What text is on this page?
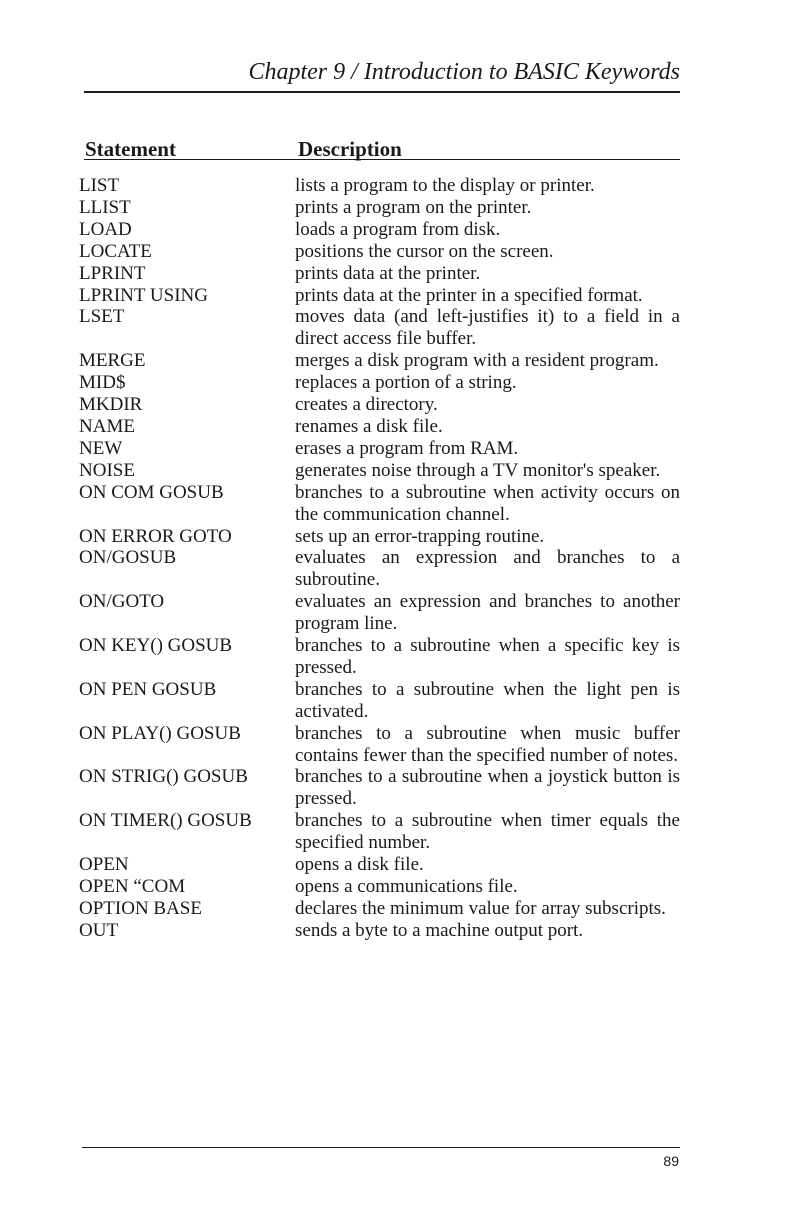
Chapter 9 / Introduction to BASIC Keywords
Statement	Description
LIST	lists a program to the display or printer.
LLIST	prints a program on the printer.
LOAD	loads a program from disk.
LOCATE	positions the cursor on the screen.
LPRINT	prints data at the printer.
LPRINT USING	prints data at the printer in a specified format.
LSET	moves data (and left-justifies it) to a field in a direct access file buffer.
MERGE	merges a disk program with a resident program.
MID$	replaces a portion of a string.
MKDIR	creates a directory.
NAME	renames a disk file.
NEW	erases a program from RAM.
NOISE	generates noise through a TV monitor's speaker.
ON COM GOSUB	branches to a subroutine when activity occurs on the communication channel.
ON ERROR GOTO	sets up an error-trapping routine.
ON/GOSUB	evaluates an expression and branches to a subroutine.
ON/GOTO	evaluates an expression and branches to another program line.
ON KEY() GOSUB	branches to a subroutine when a specific key is pressed.
ON PEN GOSUB	branches to a subroutine when the light pen is activated.
ON PLAY() GOSUB	branches to a subroutine when music buffer contains fewer than the specified number of notes.
ON STRIG() GOSUB	branches to a subroutine when a joystick button is pressed.
ON TIMER() GOSUB	branches to a subroutine when timer equals the specified number.
OPEN	opens a disk file.
OPEN “COM	opens a communications file.
OPTION BASE	declares the minimum value for array subscripts.
OUT	sends a byte to a machine output port.
89
